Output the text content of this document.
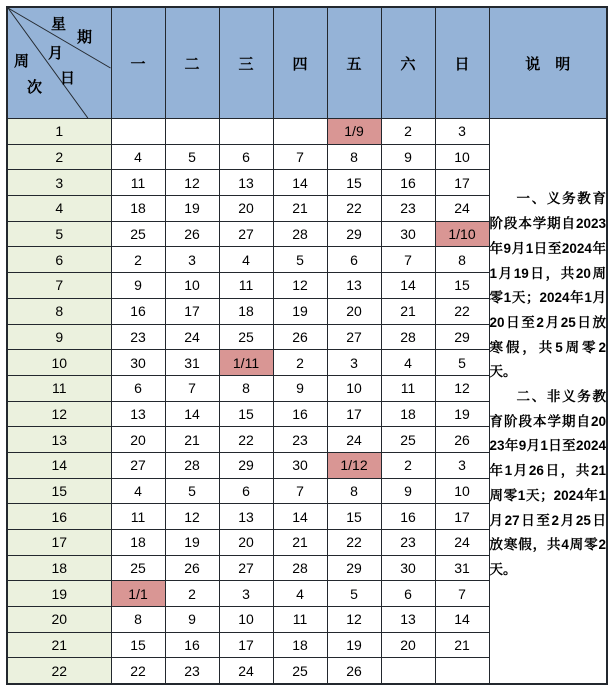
星
期
月
日
周
次
	一	二	三	四	五	六	日	说　明
1					1/9	2	3	一、义务教育阶段本学期自2023年9月1日至2024年1月19日，共20周零1天；2024年1月20日至2月25日放寒假，共5周零2天。

二、非义务教育阶段本学期自2023年9月1日至2024年1月26日，共21周零1天；2024年1月27日至2月25日放寒假，共4周零2天。

2	4	5	6	7	8	9	10	
3	11	12	13	14	15	16	17	
4	18	19	20	21	22	23	24	
5	25	26	27	28	29	30	1/10	
6	2	3	4	5	6	7	8	
7	9	10	11	12	13	14	15	
8	16	17	18	19	20	21	22	
9	23	24	25	26	27	28	29	
10	30	31	1/11	2	3	4	5	
11	6	7	8	9	10	11	12	
12	13	14	15	16	17	18	19	
13	20	21	22	23	24	25	26	
14	27	28	29	30	1/12	2	3	
15	4	5	6	7	8	9	10	
16	11	12	13	14	15	16	17	
17	18	19	20	21	22	23	24	
18	25	26	27	28	29	30	31	
19	1/1	2	3	4	5	6	7	
20	8	9	10	11	12	13	14	
21	15	16	17	18	19	20	21	
22	22	23	24	25	26			
